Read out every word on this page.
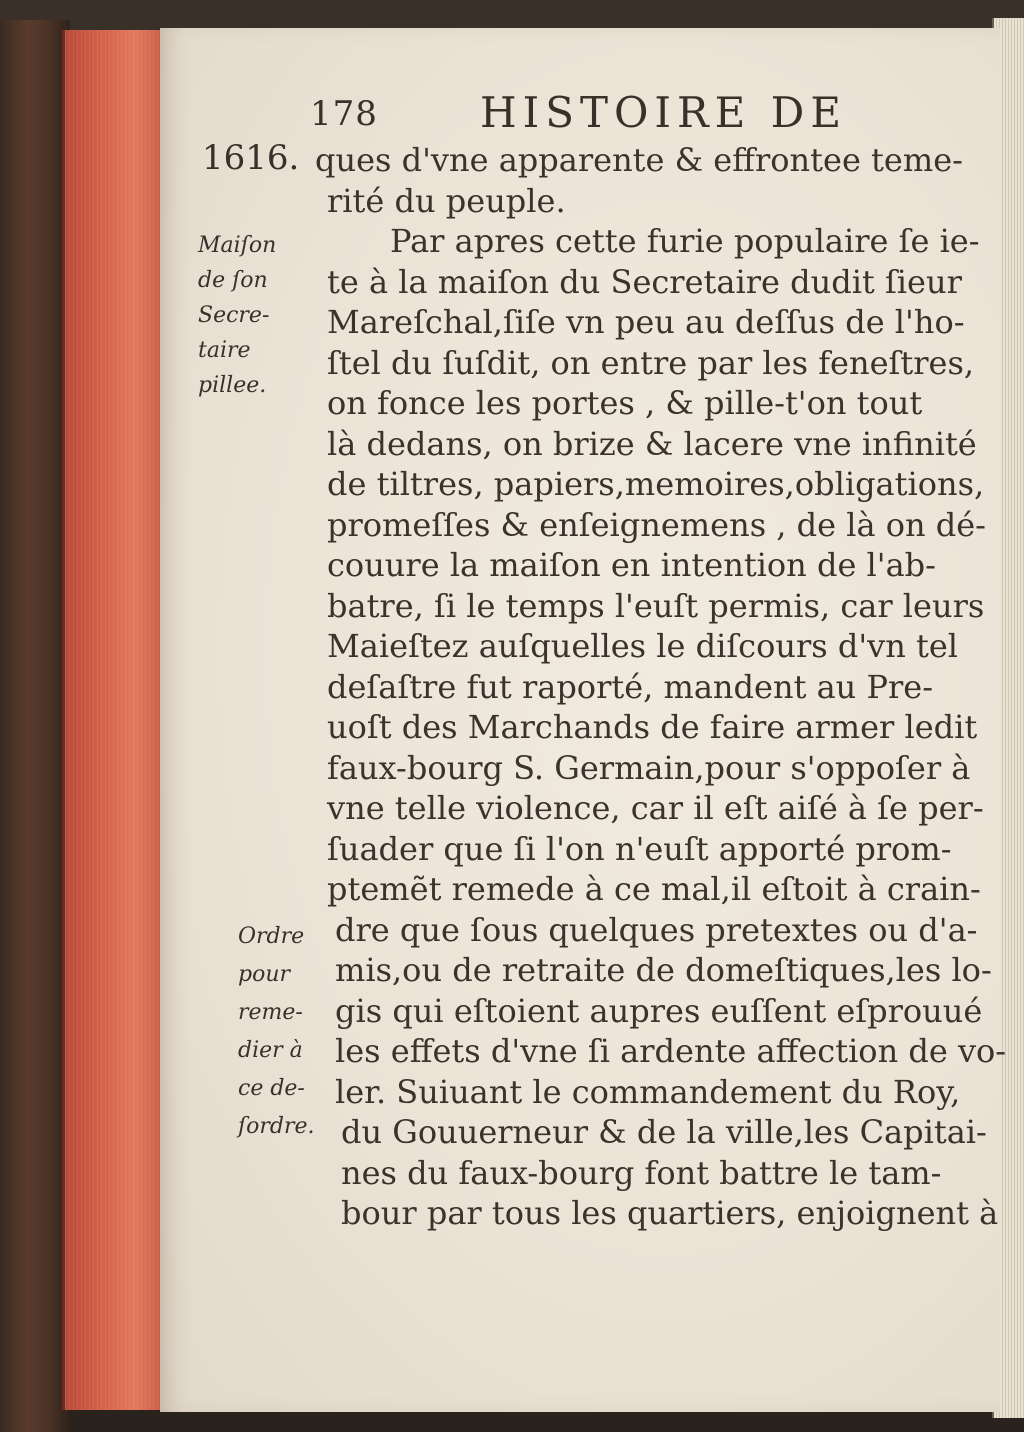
178 HISTOIRE DE
1616.
Maiſon
de ſon
Secre-
taire
pillee.
Ordre
pour
reme-
dier à
ce de-
ſordre.
ques d'vne apparente & effrontee teme-
rité du peuple.
Par apres cette furie populaire ſe ie-
te à la maiſon du Secretaire dudit ſieur
Mareſchal,ſiſe vn peu au deſſus de l'ho-
ſtel du ſuſdit, on entre par les feneſtres,
on fonce les portes , & pille-t'on tout
là dedans, on brize & lacere vne infinité
de tiltres, papiers,memoires,obligations,
promeſſes & enſeignemens , de là on dé-
couure la maiſon en intention de l'ab-
batre, ſi le temps l'euſt permis, car leurs
Maieſtez auſquelles le diſcours d'vn tel
deſaſtre fut raporté, mandent au Pre-
uoſt des Marchands de faire armer ledit
faux-bourg S. Germain,pour s'oppoſer à
vne telle violence, car il eſt aiſé à ſe per-
ſuader que ſi l'on n'euſt apporté prom-
ptemẽt remede à ce mal,il eſtoit à crain-
dre que ſous quelques pretextes ou d'a-
mis,ou de retraite de domeſtiques,les lo-
gis qui eſtoient aupres euſſent eſprouué
les effets d'vne ſi ardente affection de vo-
ler. Suiuant le commandement du Roy,
du Gouuerneur & de la ville,les Capitai-
nes du faux-bourg font battre le tam-
bour par tous les quartiers, enjoignent à
